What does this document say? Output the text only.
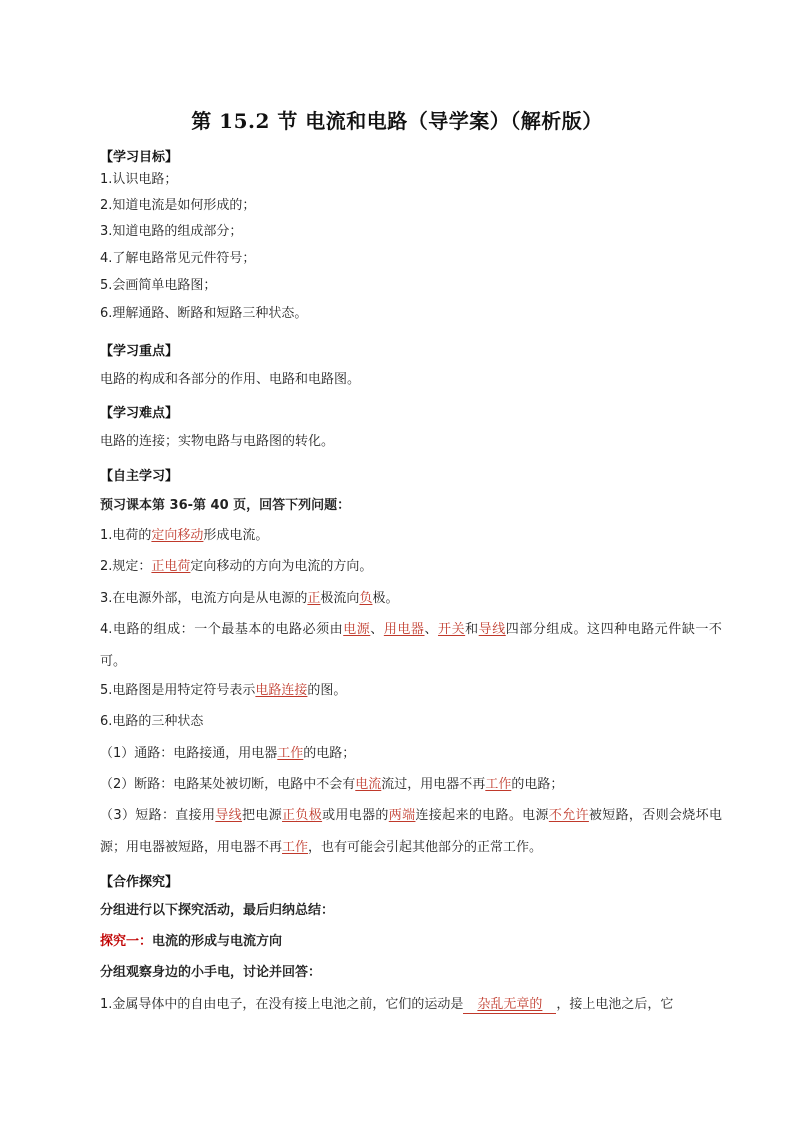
第 15.2 节 电流和电路（导学案）（解析版）
【学习目标】
1.认识电路；
2.知道电流是如何形成的；
3.知道电路的组成部分；
4.了解电路常见元件符号；
5.会画简单电路图；
6.理解通路、断路和短路三种状态。
【学习重点】
电路的构成和各部分的作用、电路和电路图。
【学习难点】
电路的连接；实物电路与电路图的转化。
【自主学习】
预习课本第 36-第 40 页，回答下列问题：
1.电荷的定向移动形成电流。
2.规定：正电荷定向移动的方向为电流的方向。
3.在电源外部，电流方向是从电源的正极流向负极。
4.电路的组成：一个最基本的电路必须由电源、用电器、开关和导线四部分组成。这四种电路元件缺一不可。
5.电路图是用特定符号表示电路连接的图。
6.电路的三种状态
（1）通路：电路接通，用电器工作的电路；
（2）断路：电路某处被切断，电路中不会有电流流过，用电器不再工作的电路；
（3）短路：直接用导线把电源正负极或用电器的两端连接起来的电路。电源不允许被短路，否则会烧坏电源；用电器被短路，用电器不再工作，也有可能会引起其他部分的正常工作。
【合作探究】
分组进行以下探究活动，最后归纳总结：
探究一：电流的形成与电流方向
分组观察身边的小手电，讨论并回答：
1.金属导体中的自由电子，在没有接上电池之前，它们的运动是 杂乱无章的 ，接上电池之后，它
